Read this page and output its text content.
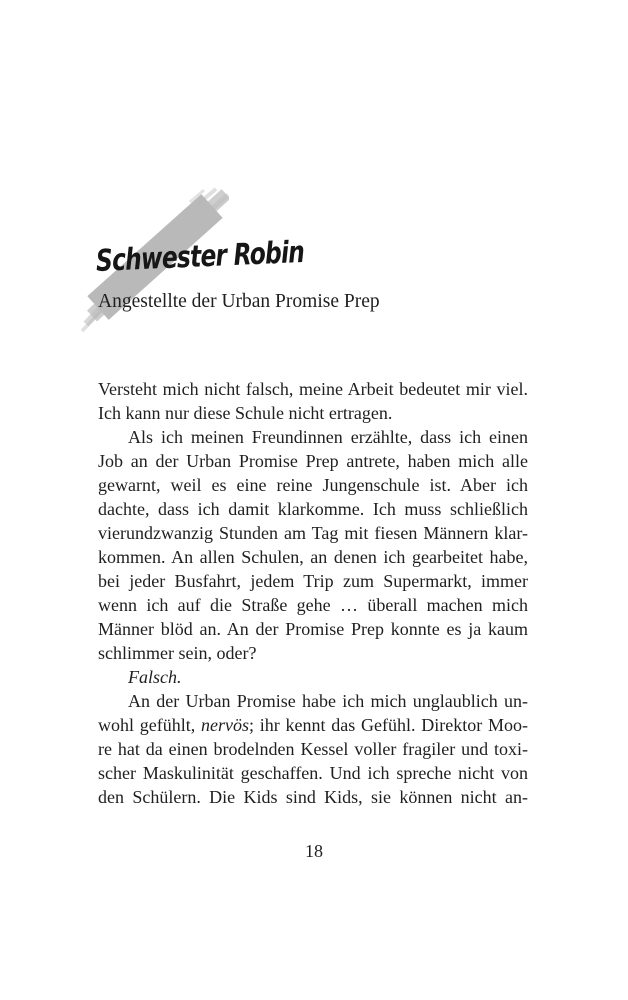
Schwester Robin
Angestellte der Urban Promise Prep
Versteht mich nicht falsch, meine Arbeit bedeutet mir viel.
Ich kann nur diese Schule nicht ertragen.
Als ich meinen Freundinnen erzählte, dass ich einen
Job an der Urban Promise Prep antrete, haben mich alle
gewarnt, weil es eine reine Jungenschule ist. Aber ich
dachte, dass ich damit klarkomme. Ich muss schließlich
vierundzwanzig Stunden am Tag mit fiesen Männern klar-
kommen. An allen Schulen, an denen ich gearbeitet habe,
bei jeder Busfahrt, jedem Trip zum Supermarkt, immer
wenn ich auf die Straße gehe … überall machen mich
Männer blöd an. An der Promise Prep konnte es ja kaum
schlimmer sein, oder?
Falsch.
An der Urban Promise habe ich mich unglaublich un-
wohl gefühlt, nervös; ihr kennt das Gefühl. Direktor Moo-
re hat da einen brodelnden Kessel voller fragiler und toxi-
scher Maskulinität geschaffen. Und ich spreche nicht von
den Schülern. Die Kids sind Kids, sie können nicht an-
18
